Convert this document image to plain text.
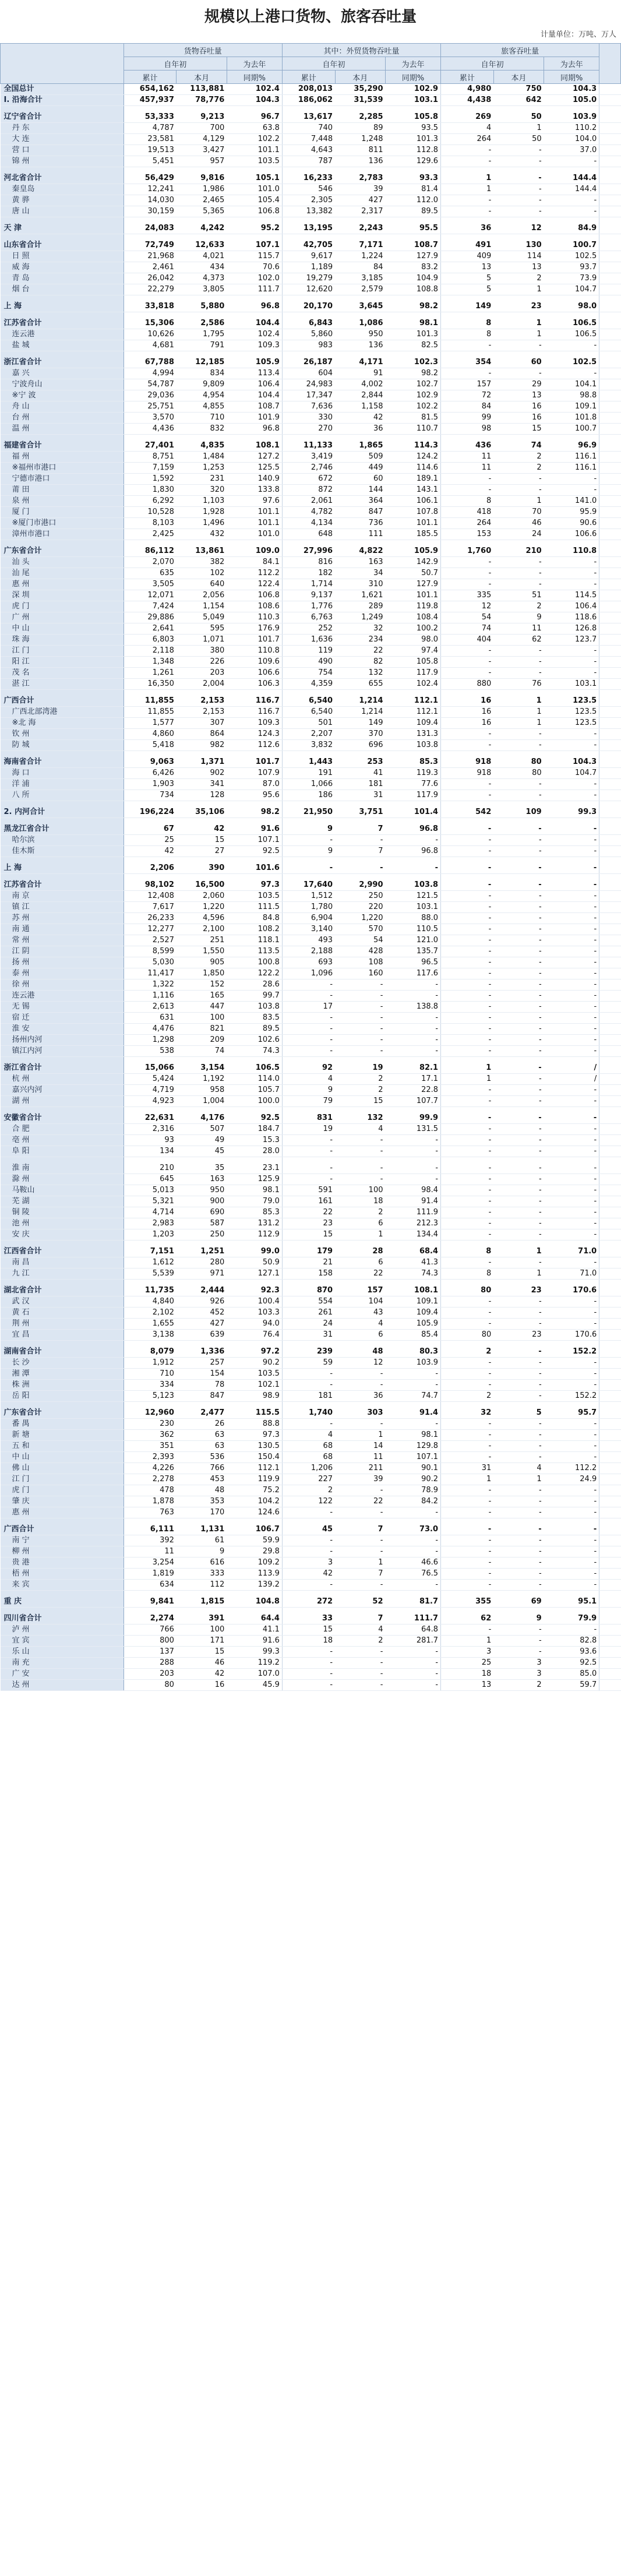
规模以上港口货物、旅客吞吐量
计量单位：万吨、万人
	货物吞吐量			其中：外贸货物吞吐量			旅客吞吐量			
	自年初		为去年	自年初		为去年	自年初		为去年	
	累计	本月	同期%	累计	本月	同期%	累计	本月	同期%	
全国总计	654,162	113,881	102.4	208,013	35,290	102.9	4,980	750	104.3	
I. 沿海合计	457,937	78,776	104.3	186,062	31,539	103.1	4,438	642	105.0	

辽宁省合计	53,333	9,213	96.7	13,617	2,285	105.8	269	50	103.9	
丹 东	4,787	700	63.8	740	89	93.5	4	1	110.2	
大 连	23,581	4,129	102.2	7,448	1,248	101.3	264	50	104.0	
营 口	19,513	3,427	101.1	4,643	811	112.8	-	-	37.0	
锦 州	5,451	957	103.5	787	136	129.6	-	-	-	

河北省合计	56,429	9,816	105.1	16,233	2,783	93.3	1	-	144.4	
秦皇岛	12,241	1,986	101.0	546	39	81.4	1	-	144.4	
黄 骅	14,030	2,465	105.4	2,305	427	112.0	-	-	-	
唐 山	30,159	5,365	106.8	13,382	2,317	89.5	-	-	-	

天 津	24,083	4,242	95.2	13,195	2,243	95.5	36	12	84.9	

山东省合计	72,749	12,633	107.1	42,705	7,171	108.7	491	130	100.7	
日 照	21,968	4,021	115.7	9,617	1,224	127.9	409	114	102.5	
威 海	2,461	434	70.6	1,189	84	83.2	13	13	93.7	
青 岛	26,042	4,373	102.0	19,279	3,185	104.9	5	2	73.9	
烟 台	22,279	3,805	111.7	12,620	2,579	108.8	5	1	104.7	

上 海	33,818	5,880	96.8	20,170	3,645	98.2	149	23	98.0	

江苏省合计	15,306	2,586	104.4	6,843	1,086	98.1	8	1	106.5	
连云港	10,626	1,795	102.4	5,860	950	101.3	8	1	106.5	
盐 城	4,681	791	109.3	983	136	82.5	-	-	-	

浙江省合计	67,788	12,185	105.9	26,187	4,171	102.3	354	60	102.5	
嘉 兴	4,994	834	113.4	604	91	98.2	-	-	-	
宁波舟山	54,787	9,809	106.4	24,983	4,002	102.7	157	29	104.1	
※宁 波	29,036	4,954	104.4	17,347	2,844	102.9	72	13	98.8	
舟 山	25,751	4,855	108.7	7,636	1,158	102.2	84	16	109.1	
台 州	3,570	710	101.9	330	42	81.5	99	16	101.8	
温 州	4,436	832	96.8	270	36	110.7	98	15	100.7	

福建省合计	27,401	4,835	108.1	11,133	1,865	114.3	436	74	96.9	
福 州	8,751	1,484	127.2	3,419	509	124.2	11	2	116.1	
※福州市港口	7,159	1,253	125.5	2,746	449	114.6	11	2	116.1	
宁德市港口	1,592	231	140.9	672	60	189.1	-	-	-	
莆 田	1,830	320	133.8	872	144	143.1	-	-	-	
泉 州	6,292	1,103	97.6	2,061	364	106.1	8	1	141.0	
厦 门	10,528	1,928	101.1	4,782	847	107.8	418	70	95.9	
※厦门市港口	8,103	1,496	101.1	4,134	736	101.1	264	46	90.6	
漳州市港口	2,425	432	101.0	648	111	185.5	153	24	106.6	

广东省合计	86,112	13,861	109.0	27,996	4,822	105.9	1,760	210	110.8	
汕 头	2,070	382	84.1	816	163	142.9	-	-	-	
汕 尾	635	102	112.2	182	34	50.7	-	-	-	
惠 州	3,505	640	122.4	1,714	310	127.9	-	-	-	
深 圳	12,071	2,056	106.8	9,137	1,621	101.1	335	51	114.5	
虎 门	7,424	1,154	108.6	1,776	289	119.8	12	2	106.4	
广 州	29,886	5,049	110.3	6,763	1,249	108.4	54	9	118.6	
中 山	2,641	595	176.9	252	32	100.2	74	11	126.8	
珠 海	6,803	1,071	101.7	1,636	234	98.0	404	62	123.7	
江 门	2,118	380	110.8	119	22	97.4	-	-	-	
阳 江	1,348	226	109.6	490	82	105.8	-	-	-	
茂 名	1,261	203	106.6	754	132	117.9	-	-	-	
湛 江	16,350	2,004	106.3	4,359	655	102.4	880	76	103.1	

广西合计	11,855	2,153	116.7	6,540	1,214	112.1	16	1	123.5	
广西北部湾港	11,855	2,153	116.7	6,540	1,214	112.1	16	1	123.5	
※北 海	1,577	307	109.3	501	149	109.4	16	1	123.5	
钦 州	4,860	864	124.3	2,207	370	131.3	-	-	-	
防 城	5,418	982	112.6	3,832	696	103.8	-	-	-	

海南省合计	9,063	1,371	101.7	1,443	253	85.3	918	80	104.3	
海 口	6,426	902	107.9	191	41	119.3	918	80	104.7	
洋 浦	1,903	341	87.0	1,066	181	77.6	-	-	-	
八 所	734	128	95.6	186	31	117.9	-	-	-	

2. 内河合计	196,224	35,106	98.2	21,950	3,751	101.4	542	109	99.3	

黑龙江省合计	67	42	91.6	9	7	96.8	-	-	-	
哈尔滨	25	15	107.1	-	-	-	-	-	-	
佳木斯	42	27	92.5	9	7	96.8	-	-	-	

上 海	2,206	390	101.6	-	-	-	-	-	-	

江苏省合计	98,102	16,500	97.3	17,640	2,990	103.8	-	-	-	
南 京	12,408	2,060	103.5	1,512	250	121.5	-	-	-	
镇 江	7,617	1,220	111.5	1,780	220	103.1	-	-	-	
苏 州	26,233	4,596	84.8	6,904	1,220	88.0	-	-	-	
南 通	12,277	2,100	108.2	3,140	570	110.5	-	-	-	
常 州	2,527	251	118.1	493	54	121.0	-	-	-	
江 阴	8,599	1,550	113.5	2,188	428	135.7	-	-	-	
扬 州	5,030	905	100.8	693	108	96.5	-	-	-	
泰 州	11,417	1,850	122.2	1,096	160	117.6	-	-	-	
徐 州	1,322	152	28.6	-	-	-	-	-	-	
连云港	1,116	165	99.7	-	-	-	-	-	-	
无 锡	2,613	447	103.8	17	-	138.8	-	-	-	
宿 迁	631	100	83.5	-	-	-	-	-	-	
淮 安	4,476	821	89.5	-	-	-	-	-	-	
扬州内河	1,298	209	102.6	-	-	-	-	-	-	
镇江内河	538	74	74.3	-	-	-	-	-	-	

浙江省合计	15,066	3,154	106.5	92	19	82.1	1	-	/	
杭 州	5,424	1,192	114.0	4	2	17.1	1	-	/	
嘉兴内河	4,719	958	105.7	9	2	22.8	-	-	-	
湖 州	4,923	1,004	100.0	79	15	107.7	-	-	-	

安徽省合计	22,631	4,176	92.5	831	132	99.9	-	-	-	
合 肥	2,316	507	184.7	19	4	131.5	-	-	-	
亳 州	93	49	15.3	-	-	-	-	-	-	
阜 阳	134	45	28.0	-	-	-	-	-	-	

淮 南	210	35	23.1	-	-	-	-	-	-	
滁 州	645	163	125.9	-	-	-	-	-	-	
马鞍山	5,013	950	98.1	591	100	98.4	-	-	-	
芜 湖	5,321	900	79.0	161	18	91.4	-	-	-	
铜 陵	4,714	690	85.3	22	2	111.9	-	-	-	
池 州	2,983	587	131.2	23	6	212.3	-	-	-	
安 庆	1,203	250	112.9	15	1	134.4	-	-	-	

江西省合计	7,151	1,251	99.0	179	28	68.4	8	1	71.0	
南 昌	1,612	280	50.9	21	6	41.3	-	-	-	
九 江	5,539	971	127.1	158	22	74.3	8	1	71.0	

湖北省合计	11,735	2,444	92.3	870	157	108.1	80	23	170.6	
武 汉	4,840	926	100.4	554	104	109.1	-	-	-	
黄 石	2,102	452	103.3	261	43	109.4	-	-	-	
荆 州	1,655	427	94.0	24	4	105.9	-	-	-	
宜 昌	3,138	639	76.4	31	6	85.4	80	23	170.6	

湖南省合计	8,079	1,336	97.2	239	48	80.3	2	-	152.2	
长 沙	1,912	257	90.2	59	12	103.9	-	-	-	
湘 潭	710	154	103.5	-	-	-	-	-	-	
株 洲	334	78	102.1	-	-	-	-	-	-	
岳 阳	5,123	847	98.9	181	36	74.7	2	-	152.2	

广东省合计	12,960	2,477	115.5	1,740	303	91.4	32	5	95.7	
番 禺	230	26	88.8	-	-	-	-	-	-	
新 塘	362	63	97.3	4	1	98.1	-	-	-	
五 和	351	63	130.5	68	14	129.8	-	-	-	
中 山	2,393	536	150.4	68	11	107.1	-	-	-	
佛 山	4,226	766	112.1	1,206	211	90.1	31	4	112.2	
江 门	2,278	453	119.9	227	39	90.2	1	1	24.9	
虎 门	478	48	75.2	2	-	78.9	-	-	-	
肇 庆	1,878	353	104.2	122	22	84.2	-	-	-	
惠 州	763	170	124.6	-	-	-	-	-	-	

广西合计	6,111	1,131	106.7	45	7	73.0	-	-	-	
南 宁	392	61	59.9	-	-	-	-	-	-	
柳 州	11	9	29.8	-	-	-	-	-	-	
贵 港	3,254	616	109.2	3	1	46.6	-	-	-	
梧 州	1,819	333	113.9	42	7	76.5	-	-	-	
来 宾	634	112	139.2	-	-	-	-	-	-	

重 庆	9,841	1,815	104.8	272	52	81.7	355	69	95.1	

四川省合计	2,274	391	64.4	33	7	111.7	62	9	79.9	
泸 州	766	100	41.1	15	4	64.8	-	-	-	
宜 宾	800	171	91.6	18	2	281.7	1	-	82.8	
乐 山	137	15	99.3	-	-	-	3	-	93.6	
南 充	288	46	119.2	-	-	-	25	3	92.5	
广 安	203	42	107.0	-	-	-	18	3	85.0	
达 州	80	16	45.9	-	-	-	13	2	59.7	
